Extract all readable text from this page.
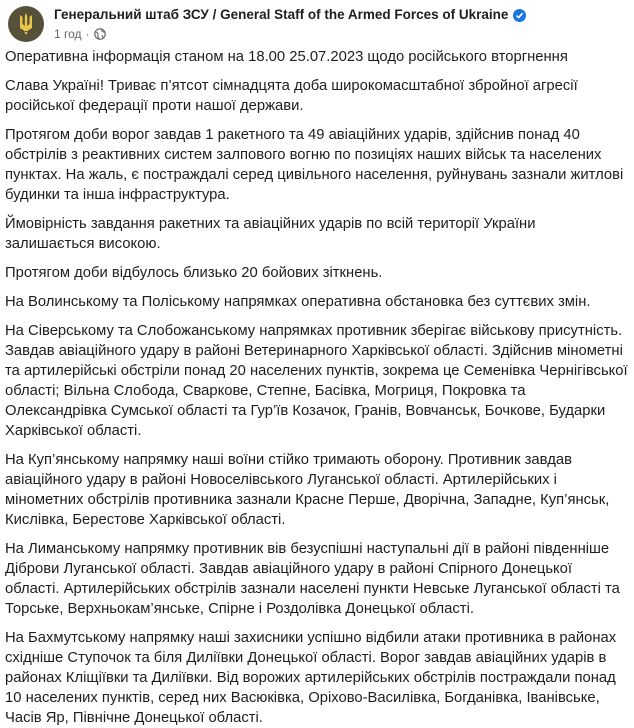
Генеральний штаб ЗСУ / General Staff of the Armed Forces of Ukraine
1 год ·

Оперативна інформація станом на 18.00 25.07.2023 щодо російського вторгнення

Слава Україні! Триває п’ятсот сімнадцята доба широкомасштабної збройної агресії російської федерації проти нашої держави.

Протягом доби ворог завдав 1 ракетного та 49 авіаційних ударів, здійснив понад 40 обстрілів з реактивних систем залпового вогню по позиціях наших військ та населених пунктах. На жаль, є постраждалі серед цивільного населення, руйнувань зазнали житлові будинки та інша інфраструктура.

Ймовірність завдання ракетних та авіаційних ударів по всій території України залишається високою.

Протягом доби відбулось близько 20 бойових зіткнень.

На Волинському та Поліському напрямках оперативна обстановка без суттєвих змін.

На Сіверському та Слобожанському напрямках противник зберігає військову присутність. Завдав авіаційного удару в районі Ветеринарного Харківської області. Здійснив мінометні та артилерійські обстріли понад 20 населених пунктів, зокрема це Семенівка Чернігівської області; Вільна Слобода, Сваркове, Степне, Басівка, Могриця, Покровка та Олександрівка Сумської області та Гур’їв Козачок, Гранів, Вовчанськ, Бочкове, Бударки Харківської області.

На Куп’янському напрямку наші воїни стійко тримають оборону. Противник завдав авіаційного удару в районі Новоселівського Луганської області. Артилерійських і мінометних обстрілів противника зазнали Красне Перше, Дворічна, Западне, Куп’янськ, Кислівка, Берестове Харківської області.

На Лиманському напрямку противник вів безуспішні наступальні дії в районі південніше Діброви Луганської області. Завдав авіаційного удару в районі Спірного Донецької області. Артилерійських обстрілів зазнали населені пункти Невське Луганської області та Торське, Верхньокам’янське, Спірне і Роздолівка Донецької області.

На Бахмутському напрямку наші захисники успішно відбили атаки противника в районах східніше Ступочок та біля Диліївки Донецької області. Ворог завдав авіаційних ударів в районах Кліщіївки та Диліївки. Від ворожих артилерійських обстрілів постраждали понад 10 населених пунктів, серед них Васюківка, Оріхово-Василівка, Богданівка, Іванівське, Часів Яр, Північне Донецької області.
